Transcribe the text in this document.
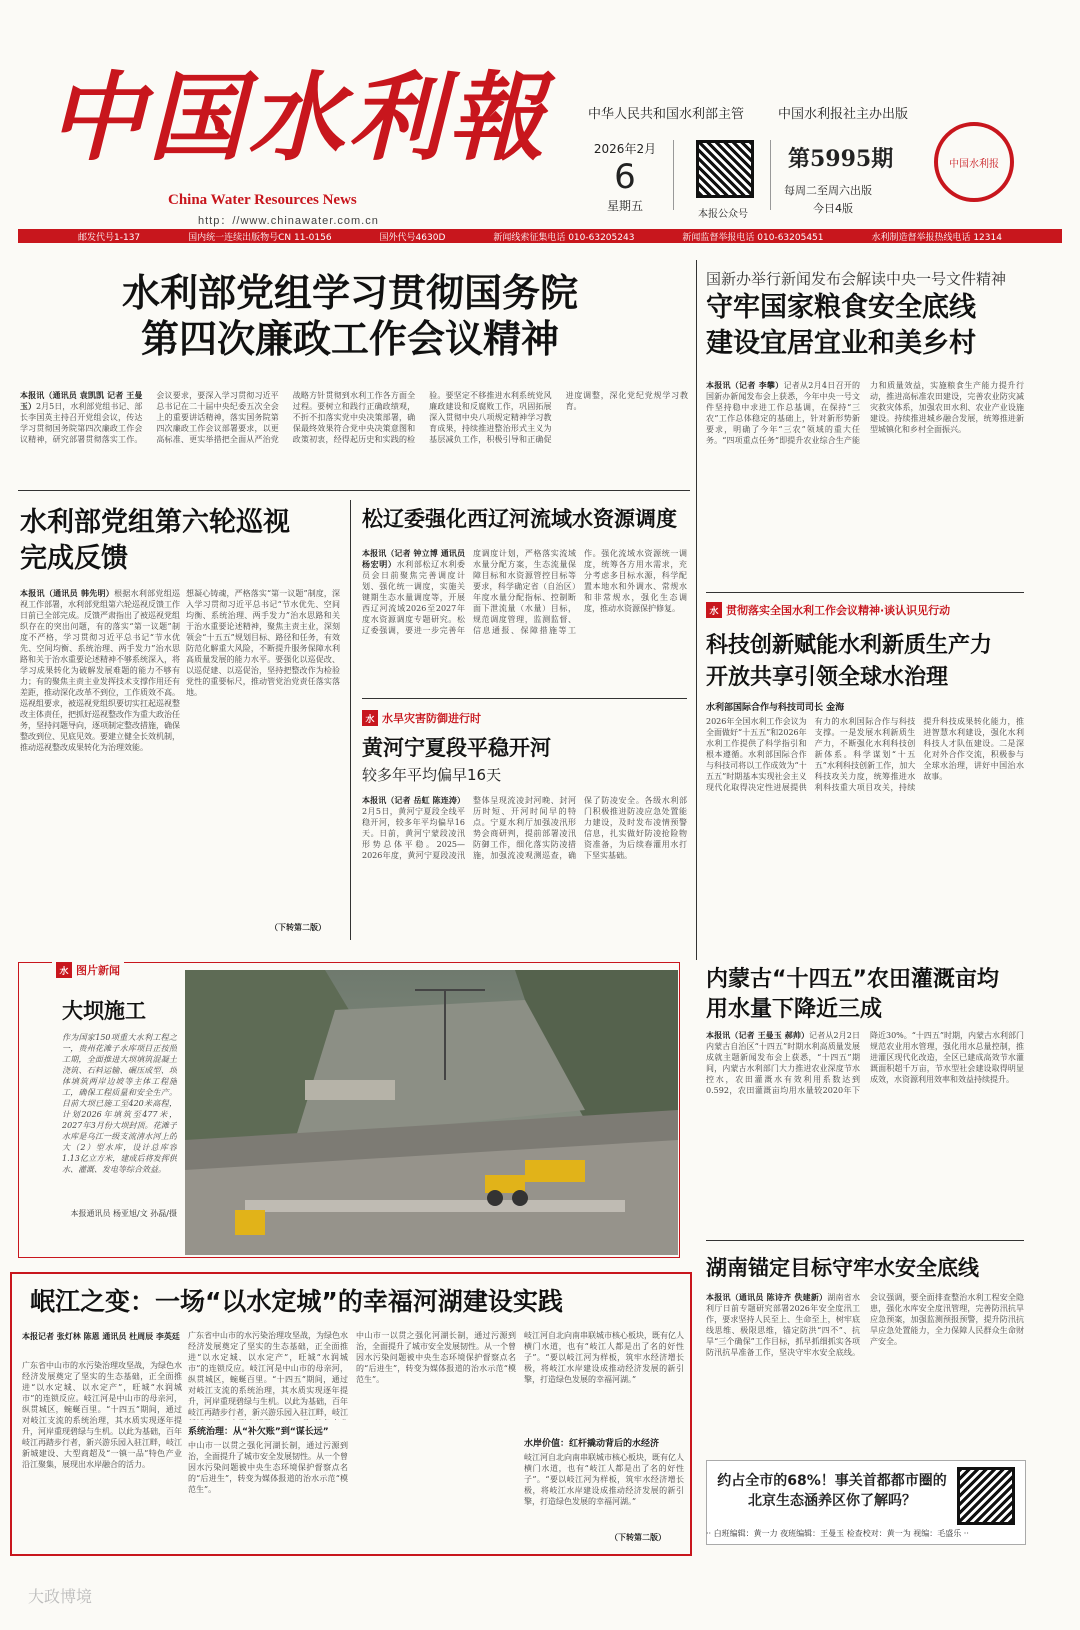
中国水利報
China Water Resources News
http：//www.chinawater.com.cn
中华人民共和国水利部主管	中国水利报社主办出版
2026年2月
6
星期五
本报公众号
第5995期
每周二至周六出版
今日4版
中国水利报
邮发代号1-137	国内统一连续出版物号CN 11-0156	国外代号4630D	新闻线索征集电话 010-63205243	新闻监督举报电话 010-63205451	水利制造督举报热线电话 12314
水利部党组学习贯彻国务院
第四次廉政工作会议精神
本报讯（通讯员 袁凯凯 记者 王曼玉）2月5日，水利部党组书记、部长李国英主持召开党组会议，传达学习贯彻国务院第四次廉政工作会议精神，研究部署贯彻落实工作。会议要求，要深入学习贯彻习近平总书记在二十届中央纪委五次全会上的重要讲话精神，落实国务院第四次廉政工作会议部署要求，以更高标准、更实举措把全面从严治党战略方针贯彻到水利工作各方面全过程。要树立和践行正确政绩观，不折不扣落实党中央决策部署，确保最终效果符合党中央决策意图和政策初衷，经得起历史和实践的检验。要坚定不移推进水利系统党风廉政建设和反腐败工作，巩固拓展深入贯彻中央八项规定精神学习教育成果，持续推进整治形式主义为基层减负工作，积极引导和正确促进度调整，深化党纪党规学习教育。
国新办举行新闻发布会解读中央一号文件精神
守牢国家粮食安全底线
建设宜居宜业和美乡村
本报讯（记者 李攀）记者从2月4日召开的国新办新闻发布会上获悉，今年中央一号文件坚持稳中求进工作总基调，在保持“三农”工作总体稳定的基础上，针对新形势新要求，明确了今年“三农”领域的重大任务。“四项重点任务”即提升农业综合生产能力和质量效益，实施粮食生产能力提升行动，推进高标准农田建设，完善农业防灾减灾救灾体系，加强农田水利、农业产业设施建设。持续推进城乡融合发展，统筹推进新型城镇化和乡村全面振兴。
水利部党组第六轮巡视
完成反馈
本报讯（通讯员 韩先明）根据水利部党组巡视工作部署，水利部党组第六轮巡视反馈工作日前已全部完成。反馈严肃指出了被巡视党组织存在的突出问题，有的落实“第一议题”制度不严格，学习贯彻习近平总书记“节水优先、空间均衡、系统治理、两手发力”治水思路和关于治水重要论述精神不够系统深入，将学习成果转化为破解发展难题的能力不够有力；有的聚焦主责主业发挥技术支撑作用还有差距，推动深化改革不到位，工作质效不高。巡视组要求，被巡视党组织要切实扛起巡视整改主体责任，把抓好巡视整改作为重大政治任务，坚持问题导向，逐项制定整改措施，确保整改到位、见底见效。要建立健全长效机制，推动巡视整改成果转化为治理效能。
想凝心铸魂，严格落实“第一议题”制度，深入学习贯彻习近平总书记“节水优先、空间均衡、系统治理、两手发力”治水思路和关于治水重要论述精神，聚焦主责主业，深刻领会“十五五”规划目标、路径和任务，有效防范化解重大风险，不断提升服务保障水利高质量发展的能力水平。要强化以巡促改、以巡促建、以巡促治，坚持把整改作为检验党性的重要标尺，推动管党治党责任落实落地。
（下转第二版）
松辽委强化西辽河流域水资源调度
本报讯（记者 钟立博 通讯员 杨宏明）水利部松辽水利委员会日前聚焦完善调度计划、强化统一调度，实施关键期生态水量调度等，开展西辽河流域2026至2027年度水资源调度专题研究。松辽委强调，要进一步完善年度调度计划，严格落实流域水量分配方案，生态流量保障目标和水资源管控目标等要求，科学确定省（自治区）年度水量分配指标、控制断面下泄流量（水量）目标，规范调度管理，监测监督、信息通报、保障措施等工作。强化流域水资源统一调度，统筹各方用水需求，充分考虑多目标水源，科学配置本地水和外调水、常规水和非常规水，强化生态调度，推动水资源保护修复。
水 水旱灾害防御进行时
黄河宁夏段平稳开河
较多年平均偏早16天
本报讯（记者 岳虹 陈连涛）2月5日，黄河宁夏段全线平稳开河，较多年平均偏早16天。日前，黄河宁蒙段凌汛形势总体平稳。2025—2026年度，黄河宁夏段凌汛整体呈现流凌封河晚、封河历时短、开河时间早的特点。宁夏水利厅加强凌汛形势会商研判，提前部署凌汛防御工作，细化落实防凌措施，加强流凌观测巡查，确保了防凌安全。各级水利部门积极推进防凌应急处置能力建设，及时发布凌情预警信息，扎实做好防凌抢险物资准备，为后续春灌用水打下坚实基础。
水 贯彻落实全国水利工作会议精神·谈认识见行动
科技创新赋能水利新质生产力
开放共享引领全球水治理
水利部国际合作与科技司司长 金海
2026年全国水利工作会议为全面做好“十五五”和2026年水利工作提供了科学指引和根本遵循。水利部国际合作与科技司将以工作成效为“十五五”时期基本实现社会主义现代化取得决定性进展提供有力的水利国际合作与科技支撑。一是发展水利新质生产力，不断强化水利科技创新体系。科学谋划“十五五”水利科技创新工作，加大科技攻关力度，统筹推进水利科技重大项目攻关，持续提升科技成果转化能力，推进智慧水利建设，强化水利科技人才队伍建设。二是深化对外合作交流，积极参与全球水治理，讲好中国治水故事。
水 图片新闻
大坝施工
作为国家150项重大水利工程之一，贵州花滩子水库项目正按照工期，全面推进大坝填筑混凝土浇筑、石料运输、碾压成型、坝体填筑两岸边坡等主体工程施工，确保工程质量和安全生产。目前大坝已施工至420米高程，计划2026年填筑至477米，2027年3月份大坝封顶。花滩子水库是乌江一级支流清水河上的大（2）型水库，设计总库容1.13亿立方米，建成后将发挥供水、灌溉、发电等综合效益。
本报通讯员 杨亚旭/文 孙磊/摄
内蒙古“十四五”农田灌溉亩均
用水量下降近三成
本报讯（记者 王曼玉 郝帅）记者从2月2日内蒙古自治区“十四五”时期水利高质量发展成就主题新闻发布会上获悉，“十四五”期间，内蒙古水利部门大力推进农业深度节水控水，农田灌溉水有效利用系数达到0.592，农田灌溉亩均用水量较2020年下降近30%。“十四五”时期，内蒙古水利部门规范农业用水管理，强化用水总量控制，推进灌区现代化改造，全区已建成高效节水灌溉面积超千万亩，节水型社会建设取得明显成效，水资源利用效率和效益持续提升。
湖南锚定目标守牢水安全底线
本报讯（通讯员 陈诗齐 佚建新）湖南省水利厅日前专题研究部署2026年安全度汛工作，要求坚持人民至上、生命至上，树牢底线思维、极限思维，锚定防洪“四不”、抗旱“三个确保”工作目标，抓早抓细抓实各项防汛抗旱准备工作，坚决守牢水安全底线。会议强调，要全面排查整治水利工程安全隐患，强化水库安全度汛管理，完善防汛抗旱应急预案，加强监测预报预警，提升防汛抗旱应急处置能力，全力保障人民群众生命财产安全。
岷江之变：一场“以水定城”的幸福河湖建设实践
本报记者 张灯林 陈恩 通讯员 杜周辰 李英廷
广东省中山市的水污染治理攻坚战，为绿色水经济发展奠定了坚实的生态基础，正全面推进“以水定城、以水定产”，旺城“水润城市”的连锁反应。岐江河是中山市的母亲河，纵贯城区，蜿蜒百里。“十四五”期间，通过对岐江支流的系统治理，其水质实现逐年提升，河岸重现碧绿与生机。以此为基础，百年岐江再踏步行者，新兴游乐园入驻江畔，岐江新城建设、大型商超及“一镇一品”特色产业沿江聚集，展现出水岸融合的活力。
广东省中山市的水污染治理攻坚战，为绿色水经济发展奠定了坚实的生态基础，正全面推进“以水定城、以水定产”，旺城“水润城市”的连锁反应。岐江河是中山市的母亲河，纵贯城区，蜿蜒百里。“十四五”期间，通过对岐江支流的系统治理，其水质实现逐年提升，河岸重现碧绿与生机。以此为基础，百年岐江再踏步行者，新兴游乐园入驻江畔，岐江
系统治理：从“补欠账”到“谋长远”
中山市一以贯之强化河湖长制，通过污源到治，全面提升了城市安全发展韧性。从一个曾因水污染问题被中央生态环境保护督察点名的“后进生”，转变为媒体报道的治水示范“模范生”。
中山市一以贯之强化河湖长制，通过污源到治，全面提升了城市安全发展韧性。从一个曾因水污染问题被中央生态环境保护督察点名的“后进生”，转变为媒体报道的治水示范“模范生”。
岐江河自北向南串联城市核心板块，既有亿人横门水道，也有“岐江人都是出了名的好性子”。“要以岐江河为样板，筑牢水经济增长极，将岐江水岸建设成推动经济发展的新引擎，打造绿色发展的幸福河湖。”
水岸价值：红杆撬动背后的水经济
岐江河自北向南串联城市核心板块，既有亿人横门水道，也有“岐江人都是出了名的好性子”。“要以岐江河为样板，筑牢水经济增长极，将岐江水岸建设成推动经济发展的新引擎，打造绿色发展的幸福河湖。”
（下转第二版）
约占全市的68%！事关首都都市圈的
北京生态涵养区你了解吗？
·· 白班编辑：黄一力 夜班编辑：王曼玉 检查校对：黄一为 视编：毛盛乐 ··
大政博境
